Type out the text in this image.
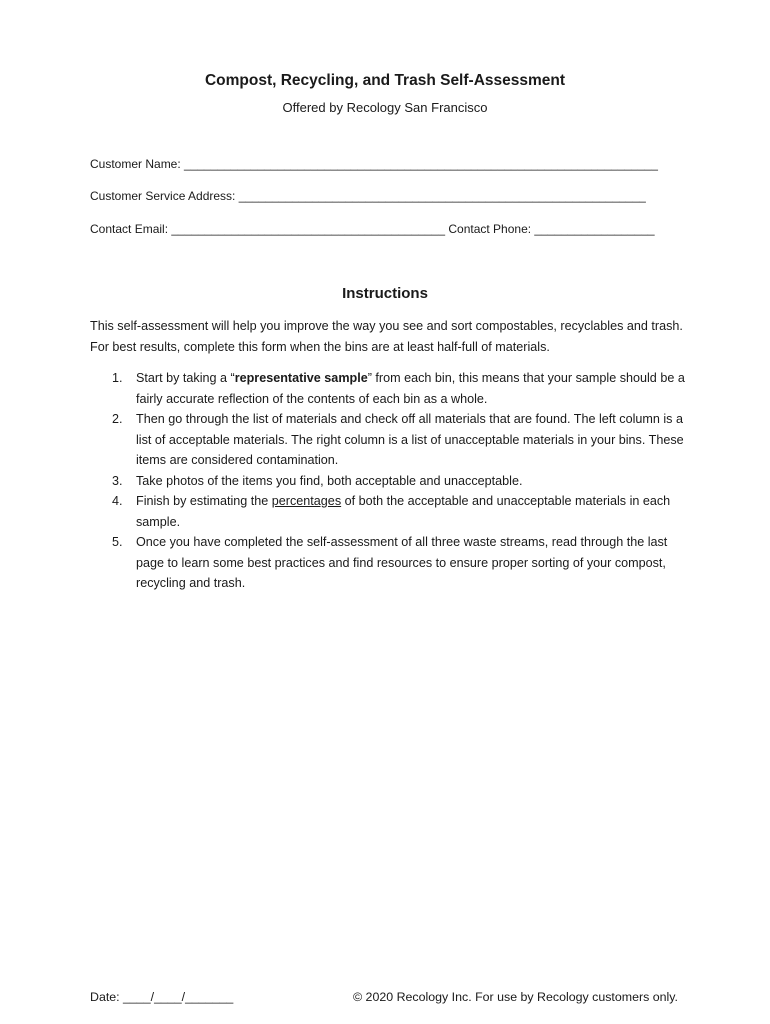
Compost, Recycling, and Trash Self-Assessment
Offered by Recology San Francisco
Customer Name: _______________________________________________________________________
Customer Service Address: _____________________________________________________________
Contact Email: _________________________________________ Contact Phone: __________________
Instructions
This self-assessment will help you improve the way you see and sort compostables, recyclables and trash. For best results, complete this form when the bins are at least half-full of materials.
1. Start by taking a “representative sample” from each bin, this means that your sample should be a fairly accurate reflection of the contents of each bin as a whole.
2. Then go through the list of materials and check off all materials that are found. The left column is a list of acceptable materials. The right column is a list of unacceptable materials in your bins. These items are considered contamination.
3. Take photos of the items you find, both acceptable and unacceptable.
4. Finish by estimating the percentages of both the acceptable and unacceptable materials in each sample.
5. Once you have completed the self-assessment of all three waste streams, read through the last page to learn some best practices and find resources to ensure proper sorting of your compost, recycling and trash.
Date: ____/____/_______	© 2020 Recology Inc. For use by Recology customers only.
